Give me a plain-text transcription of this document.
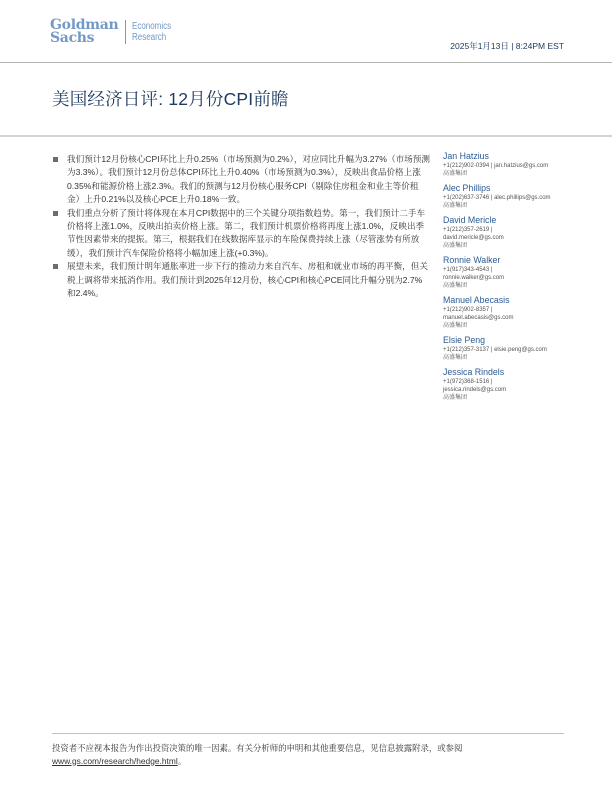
Goldman
Sachs
Economics
Research
2025年1月13日 | 8:24PM EST
美国经济日评: 12月份CPI前瞻
我们预计12月份核心CPI环比上升0.25%（市场预测为0.2%），对应同比升幅为3.27%（市场预测为3.3%）。我们预计12月份总体CPI环比上升0.40%（市场预测为0.3%），反映出食品价格上涨0.35%和能源价格上涨2.3%。我们的预测与12月份核心服务CPI（剔除住房租金和业主等价租金）上升0.21%以及核心PCE上升0.18%一致。
我们重点分析了预计将体现在本月CPI数据中的三个关键分项指数趋势。第一，我们预计二手车价格将上涨1.0%，反映出拍卖价格上涨。第二，我们预计机票价格将再度上涨1.0%，反映出季节性因素带来的提振。第三，根据我们在线数据库显示的车险保费持续上涨（尽管涨势有所放缓），我们预计汽车保险价格将小幅加速上涨(+0.3%)。
展望未来，我们预计明年通胀率进一步下行的推动力来自汽车、房租和就业市场的再平衡，但关税上调将带来抵消作用。我们预计到2025年12月份，核心CPI和核心PCE同比升幅分别为2.7%和2.4%。
Jan Hatzius
+1(212)902-0394 | jan.hatzius@gs.com
高盛集团
Alec Phillips
+1(202)637-3746 | alec.phillips@gs.com
高盛集团
David Mericle
+1(212)357-2619 |
david.mericle@gs.com
高盛集团
Ronnie Walker
+1(917)343-4543 |
ronnie.walker@gs.com
高盛集团
Manuel Abecasis
+1(212)902-8357 |
manuel.abecasis@gs.com
高盛集团
Elsie Peng
+1(212)357-3137 | elsie.peng@gs.com
高盛集团
Jessica Rindels
+1(972)368-1516 |
jessica.rindels@gs.com
高盛集团
投资者不应视本报告为作出投资决策的唯一因素。有关分析师的申明和其他重要信息，见信息披露附录，或参阅
www.gs.com/research/hedge.html。
